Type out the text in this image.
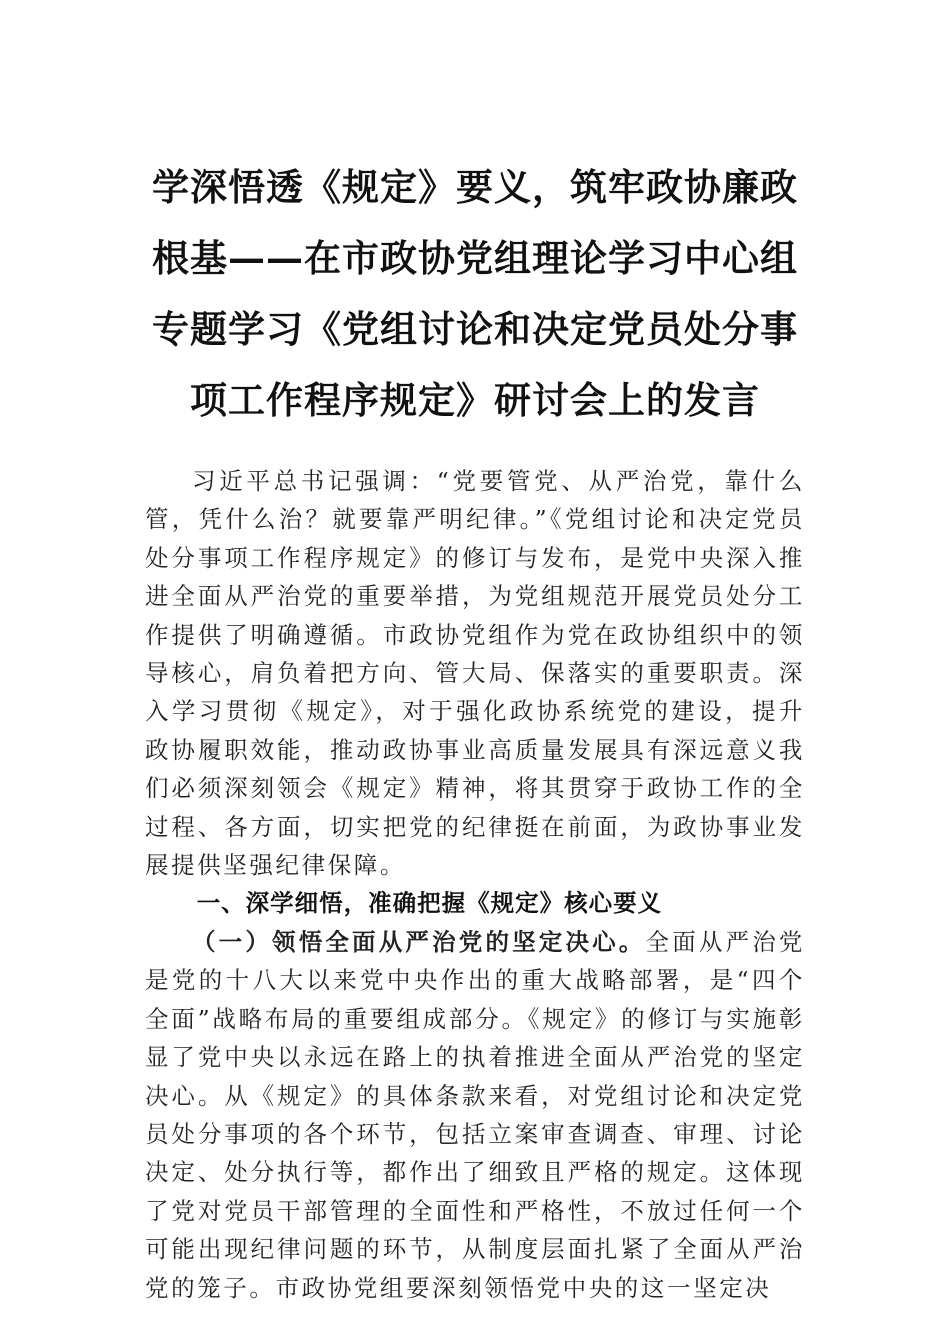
学深悟透《规定》要义，筑牢政协廉政根基——在市政协党组理论学习中心组专题学习《党组讨论和决定党员处分事项工作程序规定》研讨会上的发言

习近平总书记强调：“党要管党、从严治党，靠什么管，凭什么治？就要靠严明纪律。”《党组讨论和决定党员处分事项工作程序规定》的修订与发布，是党中央深入推进全面从严治党的重要举措，为党组规范开展党员处分工作提供了明确遵循。市政协党组作为党在政协组织中的领导核心，肩负着把方向、管大局、保落实的重要职责。深入学习贯彻《规定》，对于强化政协系统党的建设，提升政协履职效能，推动政协事业高质量发展具有深远意义我们必须深刻领会《规定》精神，将其贯穿于政协工作的全过程、各方面，切实把党的纪律挺在前面，为政协事业发展提供坚强纪律保障。

一、深学细悟，准确把握《规定》核心要义

（一）领悟全面从严治党的坚定决心。全面从严治党是党的十八大以来党中央作出的重大战略部署，是“四个全面”战略布局的重要组成部分。《规定》的修订与实施彰显了党中央以永远在路上的执着推进全面从严治党的坚定决心。从《规定》的具体条款来看，对党组讨论和决定党员处分事项的各个环节，包括立案审查调查、审理、讨论决定、处分执行等，都作出了细致且严格的规定。这体现了党对党员干部管理的全面性和严格性，不放过任何一个可能出现纪律问题的环节，从制度层面扎紧了全面从严治党的笼子。市政协党组要深刻领悟党中央的这一坚定决
